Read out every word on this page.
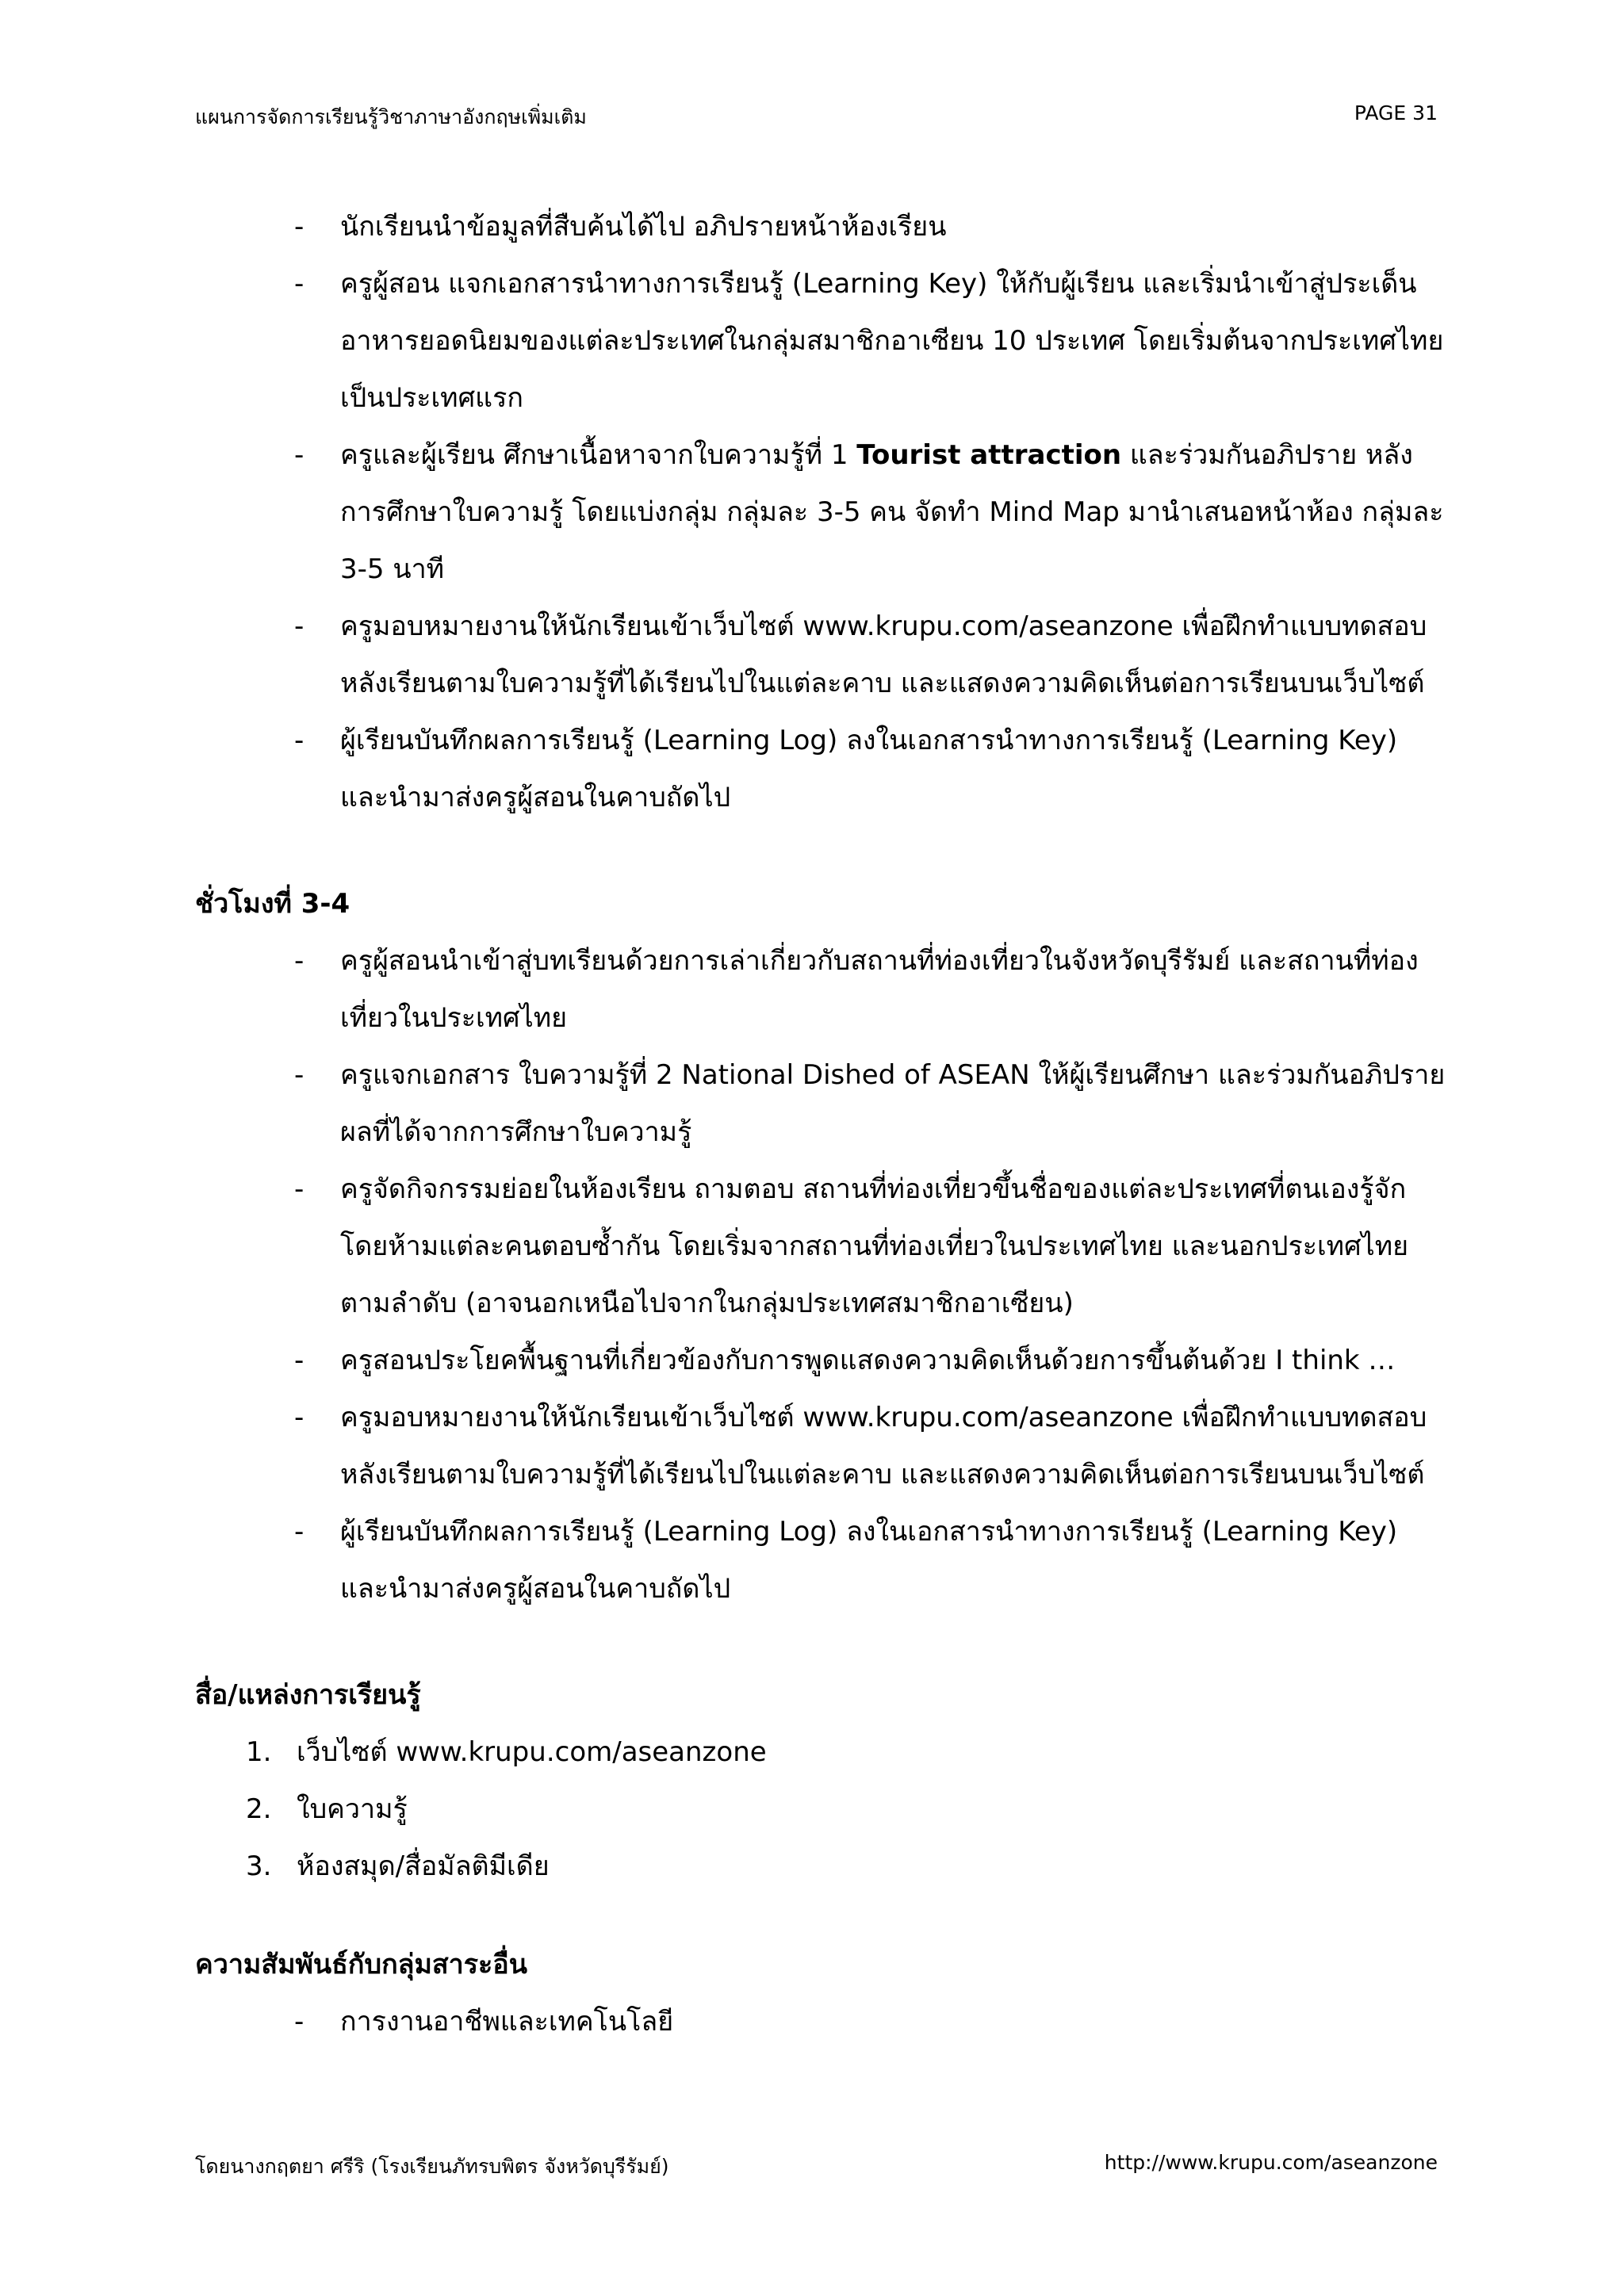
แผนการจัดการเรียนรู้วิชาภาษาอังกฤษเพิ่มเติม	PAGE 31
- นักเรียนนำข้อมูลที่สืบค้นได้ไป อภิปรายหน้าห้องเรียน
- ครูผู้สอน แจกเอกสารนำทางการเรียนรู้ (Learning Key) ให้กับผู้เรียน และเริ่มนำเข้าสู่ประเด็น อาหารยอดนิยมของแต่ละประเทศในกลุ่มสมาชิกอาเซียน 10 ประเทศ โดยเริ่มต้นจากประเทศไทยเป็นประเทศแรก
- ครูและผู้เรียน ศึกษาเนื้อหาจากใบความรู้ที่ 1 Tourist attraction และร่วมกันอภิปราย หลังการศึกษาใบความรู้ โดยแบ่งกลุ่ม กลุ่มละ 3-5 คน จัดทำ Mind Map มานำเสนอหน้าห้อง กลุ่มละ 3-5 นาที
- ครูมอบหมายงานให้นักเรียนเข้าเว็บไซต์ www.krupu.com/aseanzone เพื่อฝึกทำแบบทดสอบหลังเรียนตามใบความรู้ที่ได้เรียนไปในแต่ละคาบ และแสดงความคิดเห็นต่อการเรียนบนเว็บไซต์
- ผู้เรียนบันทึกผลการเรียนรู้ (Learning Log) ลงในเอกสารนำทางการเรียนรู้ (Learning Key) และนำมาส่งครูผู้สอนในคาบถัดไป
ชั่วโมงที่ 3-4
- ครูผู้สอนนำเข้าสู่บทเรียนด้วยการเล่าเกี่ยวกับสถานที่ท่องเที่ยวในจังหวัดบุรีรัมย์ และสถานที่ท่องเที่ยวในประเทศไทย
- ครูแจกเอกสาร ใบความรู้ที่ 2 National Dished of ASEAN ให้ผู้เรียนศึกษา และร่วมกันอภิปรายผลที่ได้จากการศึกษาใบความรู้
- ครูจัดกิจกรรมย่อยในห้องเรียน ถามตอบ สถานที่ท่องเที่ยวขึ้นชื่อของแต่ละประเทศที่ตนเองรู้จัก โดยห้ามแต่ละคนตอบซ้ำกัน โดยเริ่มจากสถานที่ท่องเที่ยวในประเทศไทย และนอกประเทศไทยตามลำดับ (อาจนอกเหนือไปจากในกลุ่มประเทศสมาชิกอาเซียน)
- ครูสอนประโยคพื้นฐานที่เกี่ยวข้องกับการพูดแสดงความคิดเห็นด้วยการขึ้นต้นด้วย I think …
- ครูมอบหมายงานให้นักเรียนเข้าเว็บไซต์ www.krupu.com/aseanzone เพื่อฝึกทำแบบทดสอบหลังเรียนตามใบความรู้ที่ได้เรียนไปในแต่ละคาบ และแสดงความคิดเห็นต่อการเรียนบนเว็บไซต์
- ผู้เรียนบันทึกผลการเรียนรู้ (Learning Log) ลงในเอกสารนำทางการเรียนรู้ (Learning Key) และนำมาส่งครูผู้สอนในคาบถัดไป
สื่อ/แหล่งการเรียนรู้
1. เว็บไซต์ www.krupu.com/aseanzone
2. ใบความรู้
3. ห้องสมุด/สื่อมัลติมีเดีย
ความสัมพันธ์กับกลุ่มสาระอื่น
- การงานอาชีพและเทคโนโลยี
โดยนางกฤตยา ศรีริ (โรงเรียนภัทรบพิตร จังหวัดบุรีรัมย์)	http://www.krupu.com/aseanzone
